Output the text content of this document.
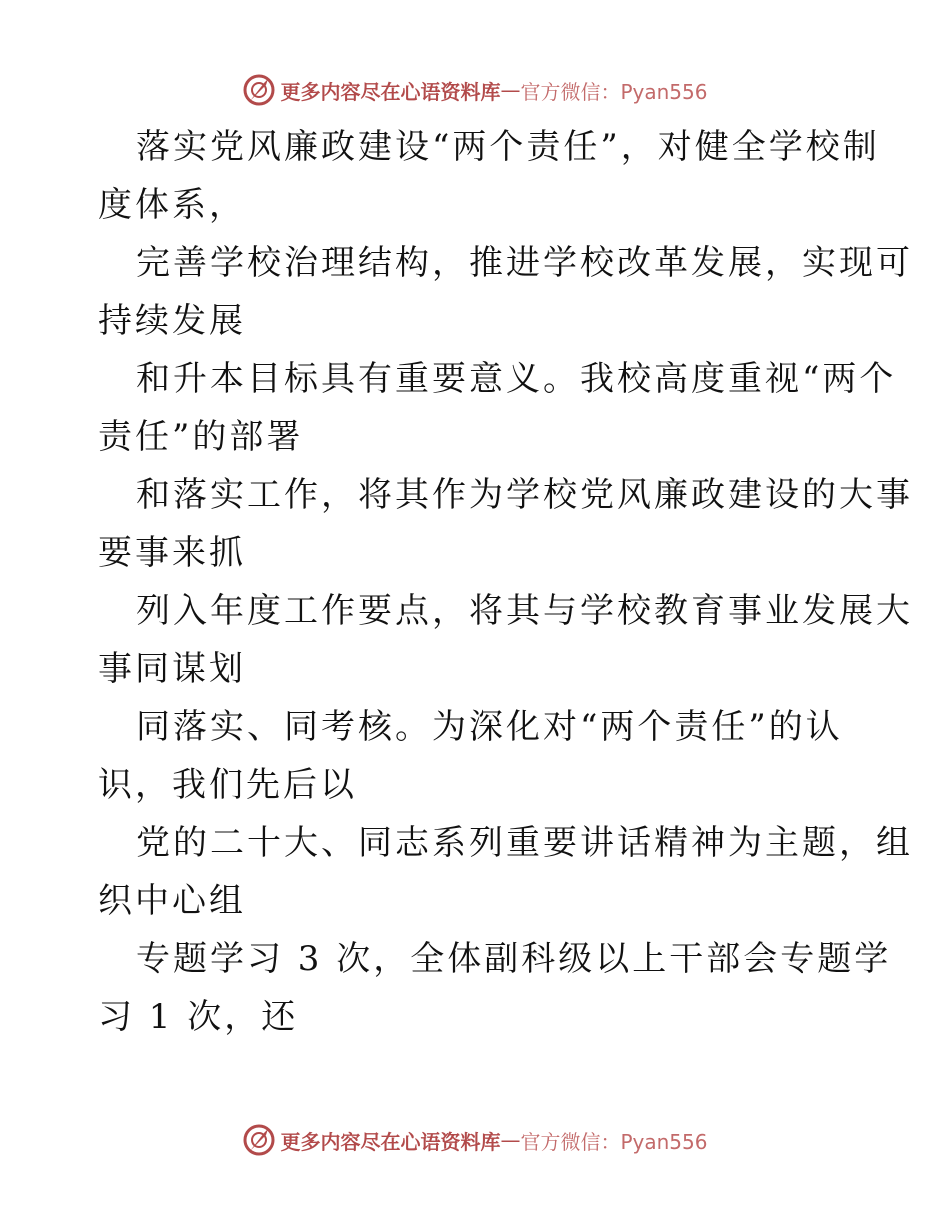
更多内容尽在心语资料库 — 官方微信：Pyan556
落实党风廉政建设“两个责任”，对健全学校制
度体系，
完善学校治理结构，推进学校改革发展，实现可
持续发展
和升本目标具有重要意义。我校高度重视“两个
责任”的部署
和落实工作，将其作为学校党风廉政建设的大事
要事来抓
列入年度工作要点，将其与学校教育事业发展大
事同谋划
同落实、同考核。为深化对“两个责任”的认
识，我们先后以
党的二十大、同志系列重要讲话精神为主题，组
织中心组
专题学习 3 次，全体副科级以上干部会专题学
习 1 次，还
更多内容尽在心语资料库 — 官方微信：Pyan556
